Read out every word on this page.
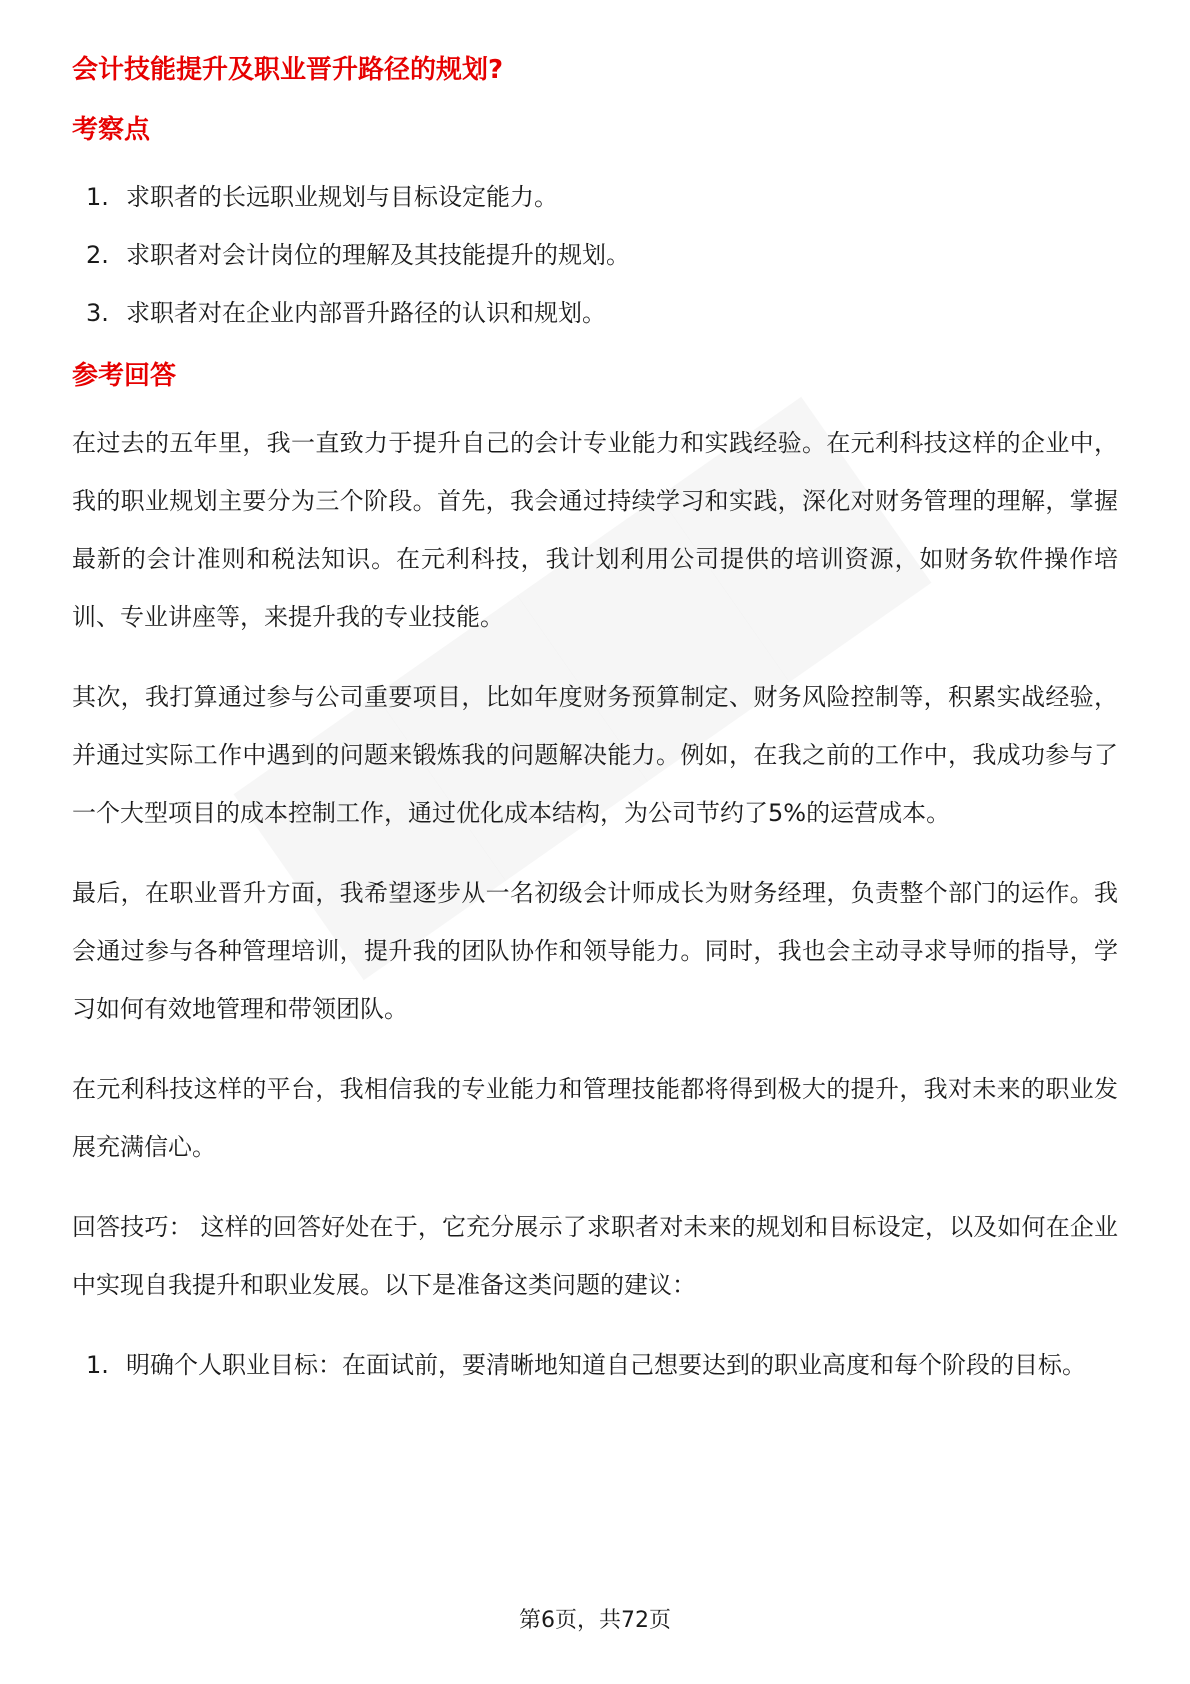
会计技能提升及职业晋升路径的规划?
考察点
1. 求职者的长远职业规划与目标设定能力。
2. 求职者对会计岗位的理解及其技能提升的规划。
3. 求职者对在企业内部晋升路径的认识和规划。
参考回答

在过去的五年里，我一直致力于提升自己的会计专业能力和实践经验。在元利科技这样的企业中，我的职业规划主要分为三个阶段。首先，我会通过持续学习和实践，深化对财务管理的理解，掌握最新的会计准则和税法知识。在元利科技，我计划利用公司提供的培训资源，如财务软件操作培训、专业讲座等，来提升我的专业技能。

其次，我打算通过参与公司重要项目，比如年度财务预算制定、财务风险控制等，积累实战经验，并通过实际工作中遇到的问题来锻炼我的问题解决能力。例如，在我之前的工作中，我成功参与了一个大型项目的成本控制工作，通过优化成本结构，为公司节约了5%的运营成本。

最后，在职业晋升方面，我希望逐步从一名初级会计师成长为财务经理，负责整个部门的运作。我会通过参与各种管理培训，提升我的团队协作和领导能力。同时，我也会主动寻求导师的指导，学习如何有效地管理和带领团队。

在元利科技这样的平台，我相信我的专业能力和管理技能都将得到极大的提升，我对未来的职业发展充满信心。

回答技巧： 这样的回答好处在于，它充分展示了求职者对未来的规划和目标设定，以及如何在企业中实现自我提升和职业发展。以下是准备这类问题的建议：

1. 明确个人职业目标：在面试前，要清晰地知道自己想要达到的职业高度和每个阶段的目标。
第6页，共72页
